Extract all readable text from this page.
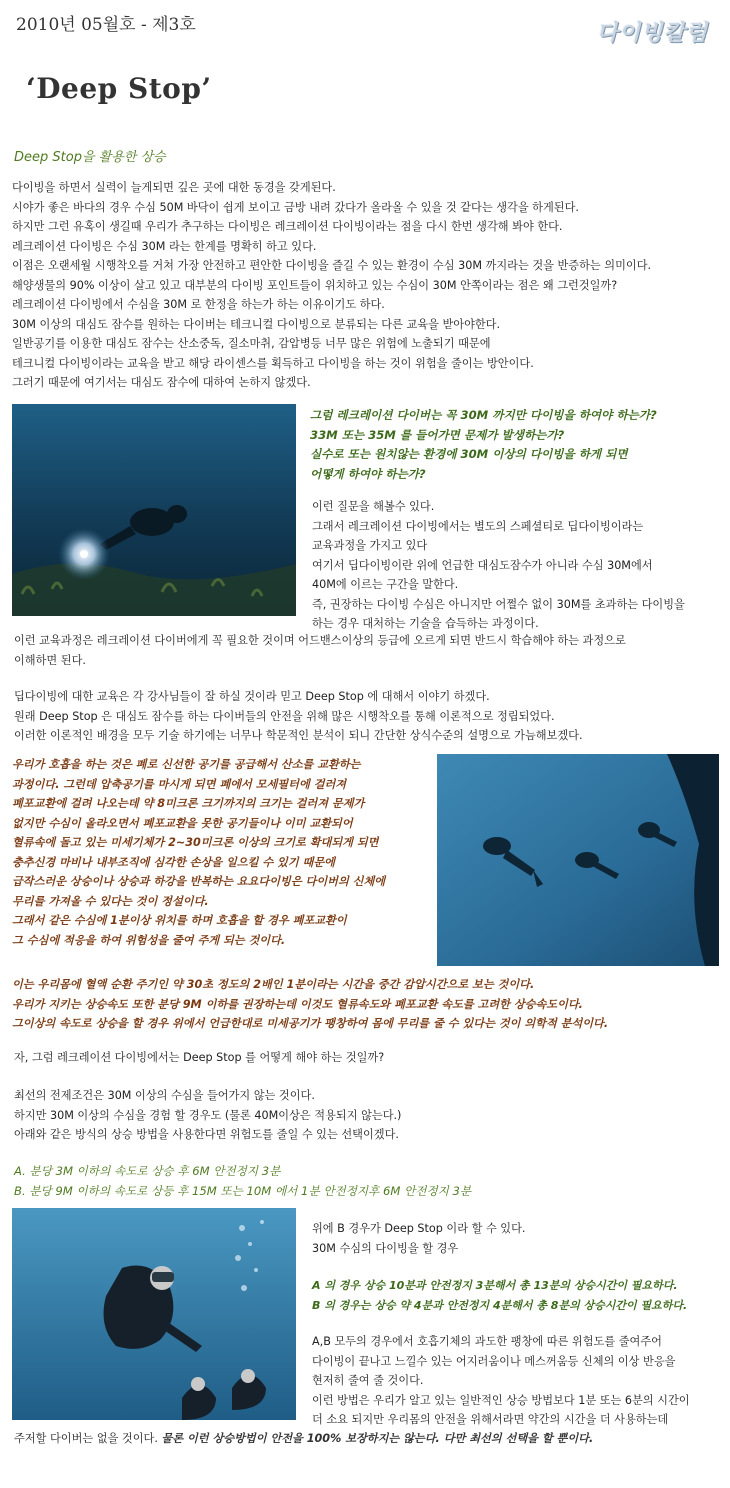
2010년 05월호 - 제3호	다이빙칼럼
‘Deep Stop’
Deep Stop을 활용한 상승
다이빙을 하면서 실력이 늘게되면 깊은 곳에 대한 동경을 갖게된다.
시야가 좋은 바다의 경우 수심 50M 바닥이 쉽게 보이고 금방 내려 갔다가 올라올 수 있을 것 같다는 생각을 하게된다.
하지만 그런 유혹이 생길때 우리가 추구하는 다이빙은 레크레이션 다이빙이라는 점을 다시 한번 생각해 봐야 한다.
레크레이션 다이빙은 수심 30M 라는 한계를 명확히 하고 있다.
이점은 오랜세월 시행착오를 거쳐 가장 안전하고 편안한 다이빙을 즐길 수 있는 환경이 수심 30M 까지라는 것을 반증하는 의미이다.
해양생물의 90% 이상이 살고 있고 대부분의 다이빙 포인트들이 위치하고 있는 수심이 30M 안쪽이라는 점은 왜 그런것일까?
레크레이션 다이빙에서 수심을 30M 로 한정을 하는가 하는 이유이기도 하다.
30M 이상의 대심도 잠수를 원하는 다이버는 테크니컬 다이빙으로 분류되는 다른 교육을 받아야한다.
일반공기를 이용한 대심도 잠수는 산소중독, 질소마취, 감압병등 너무 많은 위험에 노출되기 때문에
테크니컬 다이빙이라는 교육을 받고 해당 라이센스를 획득하고 다이빙을 하는 것이 위험을 줄이는 방안이다.
그러기 때문에 여기서는 대심도 잠수에 대하여 논하지 않겠다.
그럼 레크레이션 다이버는 꼭 30M 까지만 다이빙을 하여야 하는가?
33M 또는 35M 를 들어가면 문제가 발생하는가?
실수로 또는 원치않는 환경에 30M 이상의 다이빙을 하게 되면
어떻게 하여야 하는가?
이런 질문을 해볼수 있다.
그래서 레크레이션 다이빙에서는 별도의 스페셜티로 딥다이빙이라는
교육과정을 가지고 있다
여기서 딥다이빙이란 위에 언급한 대심도잠수가 아니라 수심 30M에서
40M에 이르는 구간을 말한다.
즉, 권장하는 다이빙 수심은 아니지만 어쩔수 없이 30M를 초과하는 다이빙을
하는 경우 대처하는 기술을 습득하는 과정이다.
이런 교육과정은 레크레이션 다이버에게 꼭 필요한 것이며 어드밴스이상의 등급에 오르게 되면 반드시 학습해야 하는 과정으로
이해하면 된다.
딥다이빙에 대한 교육은 각 강사님들이 잘 하실 것이라 믿고 Deep Stop 에 대해서 이야기 하겠다.
원래 Deep Stop 은 대심도 잠수를 하는 다이버들의 안전을 위해 많은 시행착오를 통해 이론적으로 정립되었다.
이러한 이론적인 배경을 모두 기술 하기에는 너무나 학문적인 분석이 되니 간단한 상식수준의 설명으로 가늠해보겠다.
우리가 호흡을 하는 것은 폐로 신선한 공기를 공급해서 산소를 교환하는
과정이다. 그런데 압축공기를 마시게 되면 폐에서 모세필터에 걸러져
폐포교환에 걸려 나오는데 약 8미크론 크기까지의 크기는 걸러져 문제가
없지만 수심이 올라오면서 폐포교환을 못한 공기들이나 이미 교환되어
혈류속에 돌고 있는 미세기체가 2~30미크론 이상의 크기로 확대되게 되면
충추신경 마비나 내부조직에 심각한 손상을 일으킬 수 있기 때문에
급작스러운 상승이나 상승과 하강을 반복하는 요요다이빙은 다이버의 신체에
무리를 가져올 수 있다는 것이 정설이다.
그래서 같은 수심에 1분이상 위치를 하며 호흡을 할 경우 폐포교환이
그 수심에 적응을 하여 위험성을 줄여 주게 되는 것이다.
이는 우리몸에 혈액 순환 주기인 약 30초 정도의 2배인 1분이라는 시간을 중간 감압시간으로 보는 것이다.
우리가 지키는 상승속도 또한 분당 9M 이하를 권장하는데 이것도 혈류속도와 폐포교환 속도를 고려한 상승속도이다.
그이상의 속도로 상승을 할 경우 위에서 언급한대로 미세공기가 팽창하여 몸에 무리를 줄 수 있다는 것이 의학적 분석이다.
자, 그럼 레크레이션 다이빙에서는 Deep Stop 를 어떻게 해야 하는 것일까?
최선의 전제조건은 30M 이상의 수심을 들어가지 않는 것이다.
하지만 30M 이상의 수심을 경험 할 경우도 (물론 40M이상은 적용되지 않는다.)
아래와 같은 방식의 상승 방법을 사용한다면 위험도를 줄일 수 있는 선택이겠다.
A. 분당 3M 이하의 속도로 상승 후 6M 안전정지 3분
B. 분당 9M 이하의 속도로 상등 후 15M 또는 10M 에서 1분 안전정지후 6M 안전정지 3분
위에 B 경우가 Deep Stop 이라 할 수 있다.
30M 수심의 다이빙을 할 경우
A 의 경우 상승 10분과 안전정지 3분해서 총 13분의 상승시간이 필요하다.
B 의 경우는 상승 약 4분과 안전정지 4분해서 총 8분의 상승시간이 필요하다.
A,B 모두의 경우에서 호흡기체의 과도한 팽창에 따른 위험도를 줄여주어
다이빙이 끝나고 느낄수 있는 어지러움이나 메스꺼움등 신체의 이상 반응을
현저히 줄여 줄 것이다.
이런 방법은 우리가 알고 있는 일반적인 상승 방법보다 1분 또는 6분의 시간이
더 소요 되지만 우리몸의 안전을 위해서라면 약간의 시간을 더 사용하는데
주저할 다이버는 없을 것이다. 물론 이런 상승방법이 안전을 100% 보장하지는 않는다. 다만 최선의 선택을 할 뿐이다.
